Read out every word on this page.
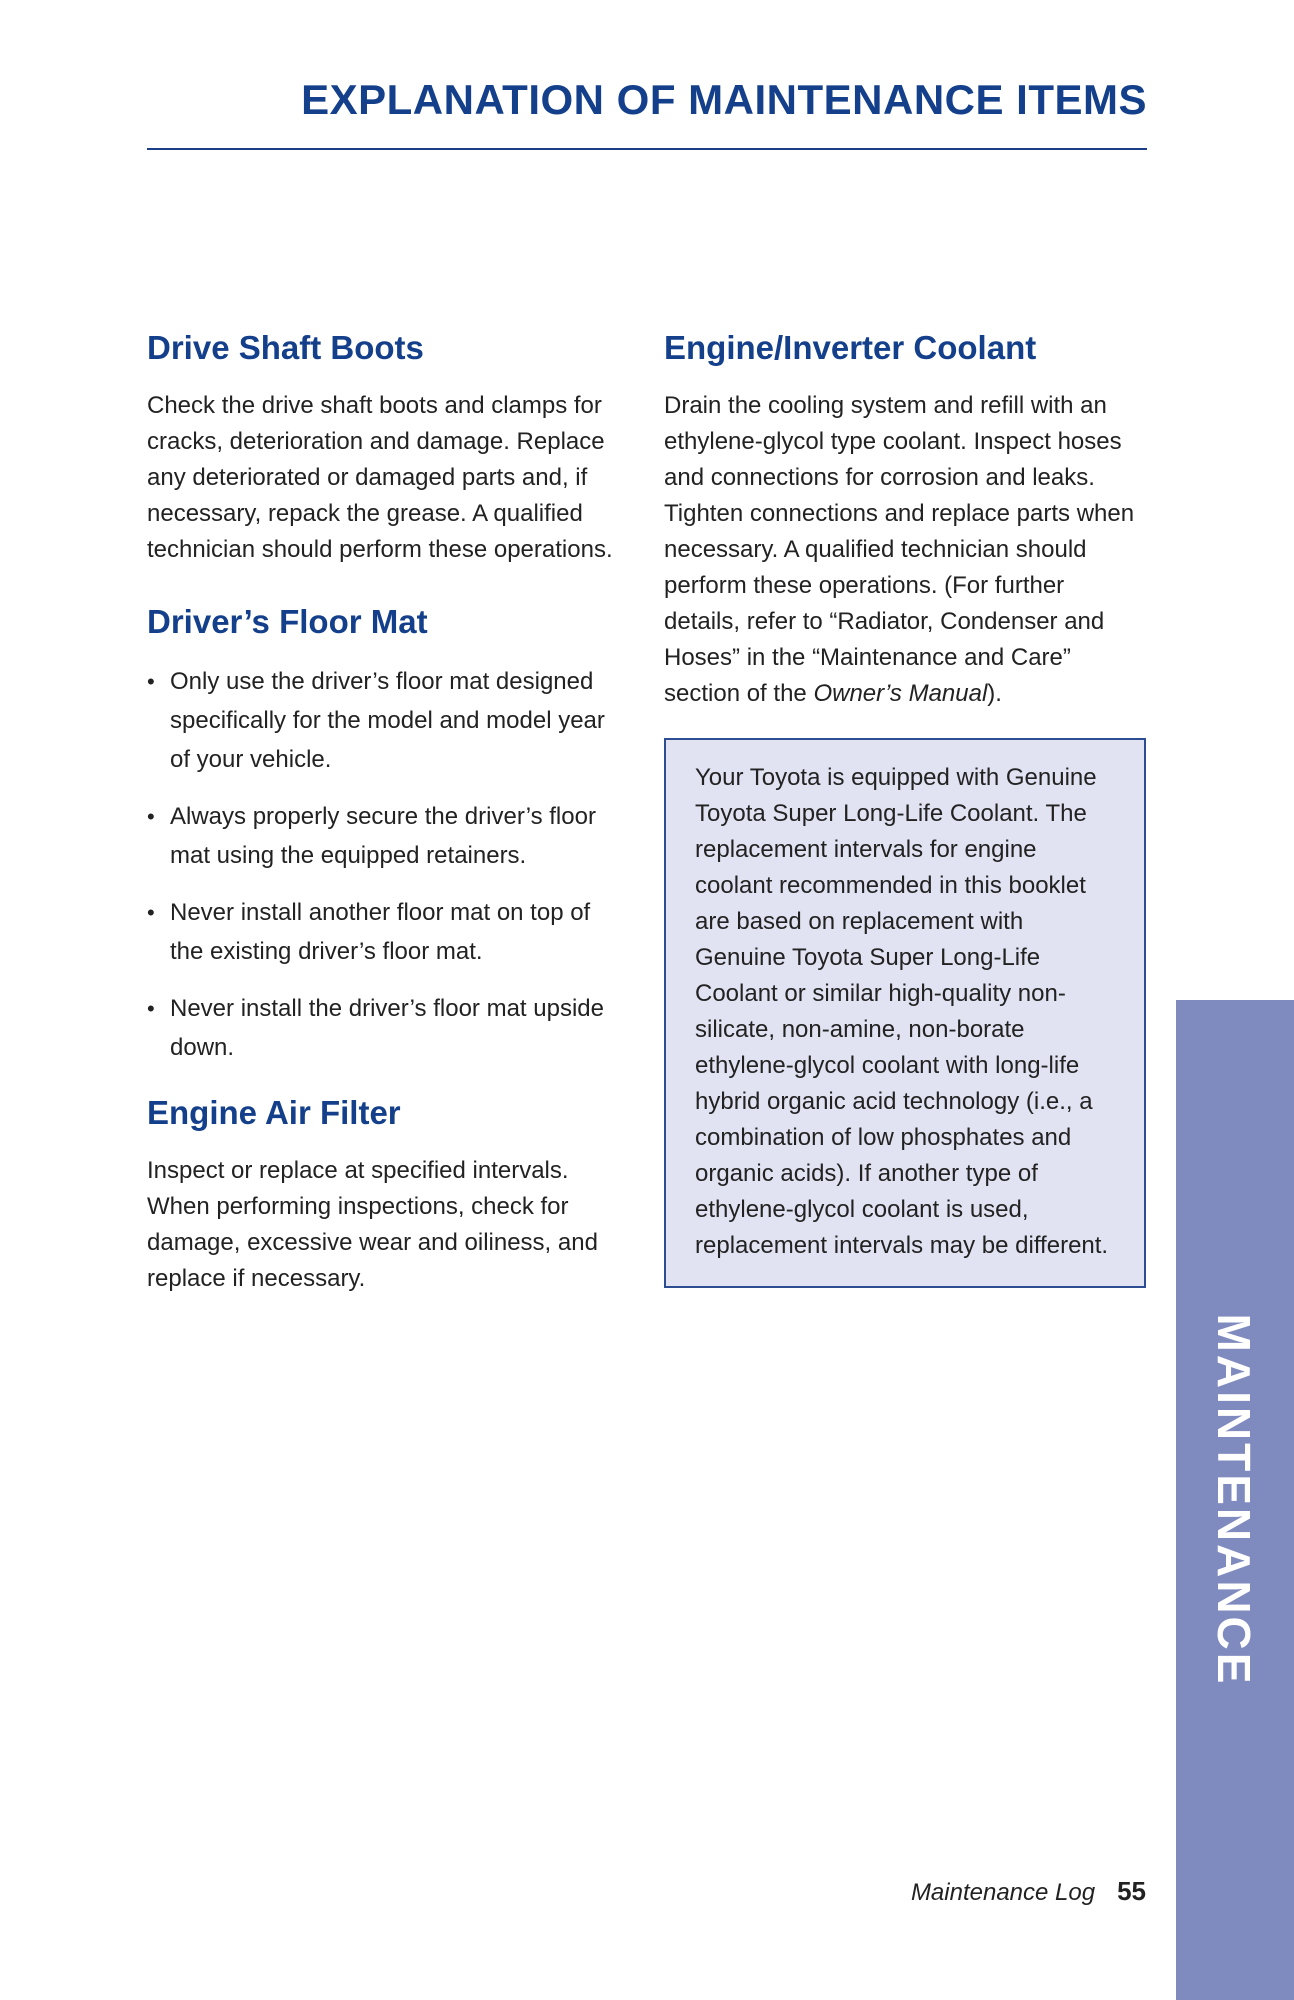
EXPLANATION OF MAINTENANCE ITEMS
Drive Shaft Boots

Check the drive shaft boots and clamps for cracks, deterioration and damage. Replace any deteriorated or damaged parts and, if necessary, repack the grease. A qualified technician should perform these operations.

Driver’s Floor Mat
• Only use the driver’s floor mat designed specifically for the model and model year of your vehicle.
• Always properly secure the driver’s floor mat using the equipped retainers.
• Never install another floor mat on top of the existing driver’s floor mat.
• Never install the driver’s floor mat upside down.
Engine Air Filter

Inspect or replace at specified intervals. When performing inspections, check for damage, excessive wear and oiliness, and replace if necessary.

Engine/Inverter Coolant

Drain the cooling system and refill with an ethylene-glycol type coolant. Inspect hoses and connections for corrosion and leaks. Tighten connections and replace parts when necessary. A qualified technician should perform these operations. (For further details, refer to “Radiator, Condenser and Hoses” in the “Maintenance and Care” section of the Owner’s Manual).

Your Toyota is equipped with Genuine Toyota Super Long-Life Coolant. The replacement intervals for engine coolant recommended in this booklet are based on replacement with Genuine Toyota Super Long-Life Coolant or similar high-quality non-silicate, non-amine, non-borate ethylene-glycol coolant with long-life hybrid organic acid technology (i.e., a combination of low phosphates and organic acids). If another type of ethylene-glycol coolant is used, replacement intervals may be different.

MAINTENANCE
Maintenance Log 55
